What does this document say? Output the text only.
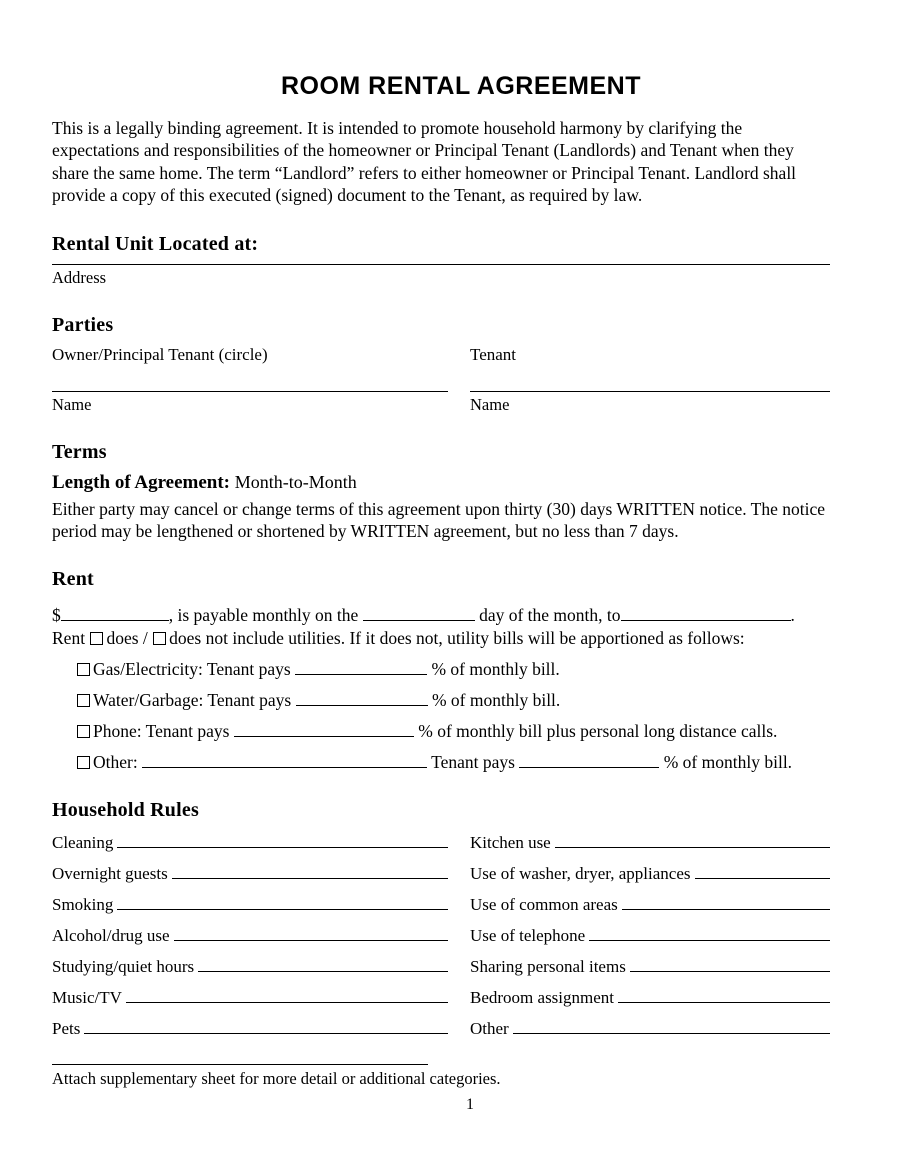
ROOM RENTAL AGREEMENT

This is a legally binding agreement. It is intended to promote household harmony by clarifying the expectations and responsibilities of the homeowner or Principal Tenant (Landlords) and Tenant when they share the same home. The term “Landlord” refers to either homeowner or Principal Tenant. Landlord shall provide a copy of this executed (signed) document to the Tenant, as required by law.

Rental Unit Located at:
Address
Parties
Owner/Principal Tenant (circle)	Tenant
Name	Name
Terms
Length of Agreement: Month-to-Month

Either party may cancel or change terms of this agreement upon thirty (30) days WRITTEN notice. The notice period may be lengthened or shortened by WRITTEN agreement, but no less than 7 days.

Rent
$	, is payable monthly on the	day of the month, to	.
Rent does / does not include utilities. If it does not, utility bills will be apportioned as follows:
Gas/Electricity: Tenant pays	% of monthly bill.
Water/Garbage: Tenant pays	% of monthly bill.
Phone: Tenant pays	% of monthly bill plus personal long distance calls.
Other:	Tenant pays	% of monthly bill.
Household Rules
Cleaning	Kitchen use
Overnight guests	Use of washer, dryer, appliances
Smoking	Use of common areas
Alcohol/drug use	Use of telephone
Studying/quiet hours	Sharing personal items
Music/TV	Bedroom assignment
Pets	Other
Attach supplementary sheet for more detail or additional categories.
1
